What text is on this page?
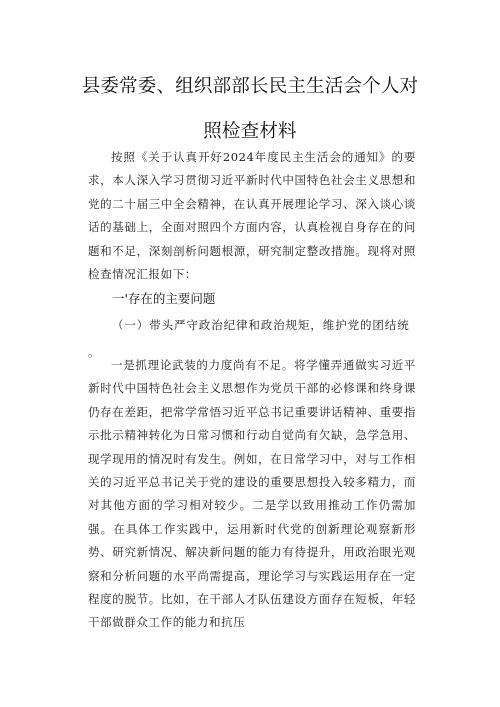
县委常委、组织部部长民主生活会个人对
照检查材料

按照《关于认真开好2024年度民主生活会的通知》的要求，本人深入学习贯彻习近平新时代中国特色社会主义思想和党的二十届三中全会精神，在认真开展理论学习、深入谈心谈话的基础上，全面对照四个方面内容，认真检视自身存在的问题和不足，深刻剖析问题根源，研究制定整改措施。现将对照检查情况汇报如下：

一'存在的主要问题
（一）带头严守政治纪律和政治规矩，维护党的团结统
。

一是抓理论武装的力度尚有不足。将学懂弄通做实习近平新时代中国特色社会主义思想作为党员干部的必修课和终身课仍存在差距，把常学常悟习近平总书记重要讲话精神、重要指示批示精神转化为日常习惯和行动自觉尚有欠缺，急学急用、现学现用的情况时有发生。例如，在日常学习中，对与工作相关的习近平总书记关于党的建设的重要思想投入较多精力，而对其他方面的学习相对较少。二是学以致用推动工作仍需加强。在具体工作实践中，运用新时代党的创新理论观察新形势、研究新情况、解决新问题的能力有待提升，用政治眼光观察和分析问题的水平尚需提高，理论学习与实践运用存在一定程度的脱节。比如，在干部人才队伍建设方面存在短板，年轻干部做群众工作的能力和抗压
